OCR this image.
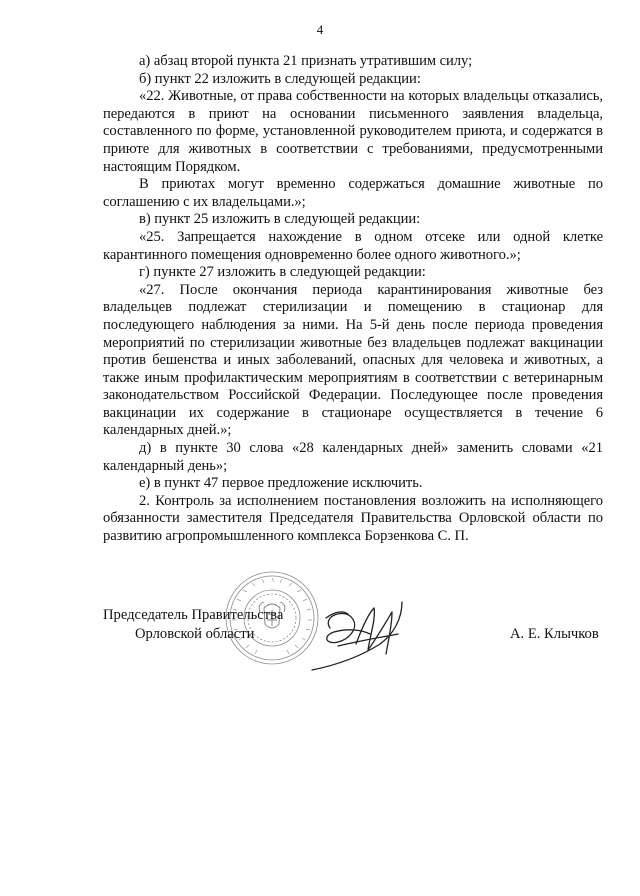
4

а) абзац второй пункта 21 признать утратившим силу;

б) пункт 22 изложить в следующей редакции:

«22. Животные, от права собственности на которых владельцы отказались, передаются в приют на основании письменного заявления владельца, составленного по форме, установленной руководителем приюта, и содержатся в приюте для животных в соответствии с требованиями, предусмотренными настоящим Порядком.

В приютах могут временно содержаться домашние животные по соглашению с их владельцами.»;

в) пункт 25 изложить в следующей редакции:

«25. Запрещается нахождение в одном отсеке или одной клетке карантинного помещения одновременно более одного животного.»;

г) пункте 27 изложить в следующей редакции:

«27. После окончания периода карантинирования животные без владельцев подлежат стерилизации и помещению в стационар для последующего наблюдения за ними. На 5-й день после периода проведения мероприятий по стерилизации животные без владельцев подлежат вакцинации против бешенства и иных заболеваний, опасных для человека и животных, а также иным профилактическим мероприятиям в соответствии с ветеринарным законодательством Российской Федерации. Последующее после проведения вакцинации их содержание в стационаре осуществляется в течение 6 календарных дней.»;

д) в пункте 30 слова «28 календарных дней» заменить словами «21 календарный день»;

е) в пункт 47 первое предложение исключить.

2. Контроль за исполнением постановления возложить на исполняющего обязанности заместителя Председателя Правительства Орловской области по развитию агропромышленного комплекса Борзенкова С. П.

Председатель Правительства
Орловской области	А. Е. Клычков
